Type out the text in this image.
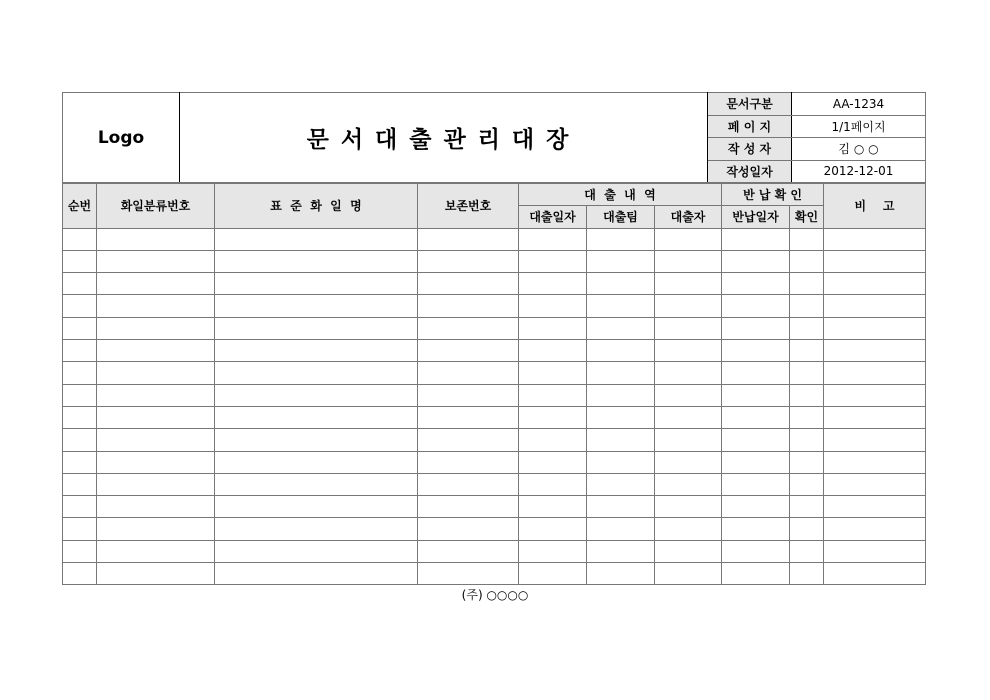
Logo	문서대출관리대장	문서구분	AA-1234
		페 이 지	1/1페이지
		작 성 자	김 ○ ○
		작성일자	2012-12-01
순번	화일분류번호	표  준  화  일  명	보존번호	대  출  내  역			반 납 확 인		비    고
				대출일자	대출팀	대출자	반납일자	확인	

(주) ○○○○
